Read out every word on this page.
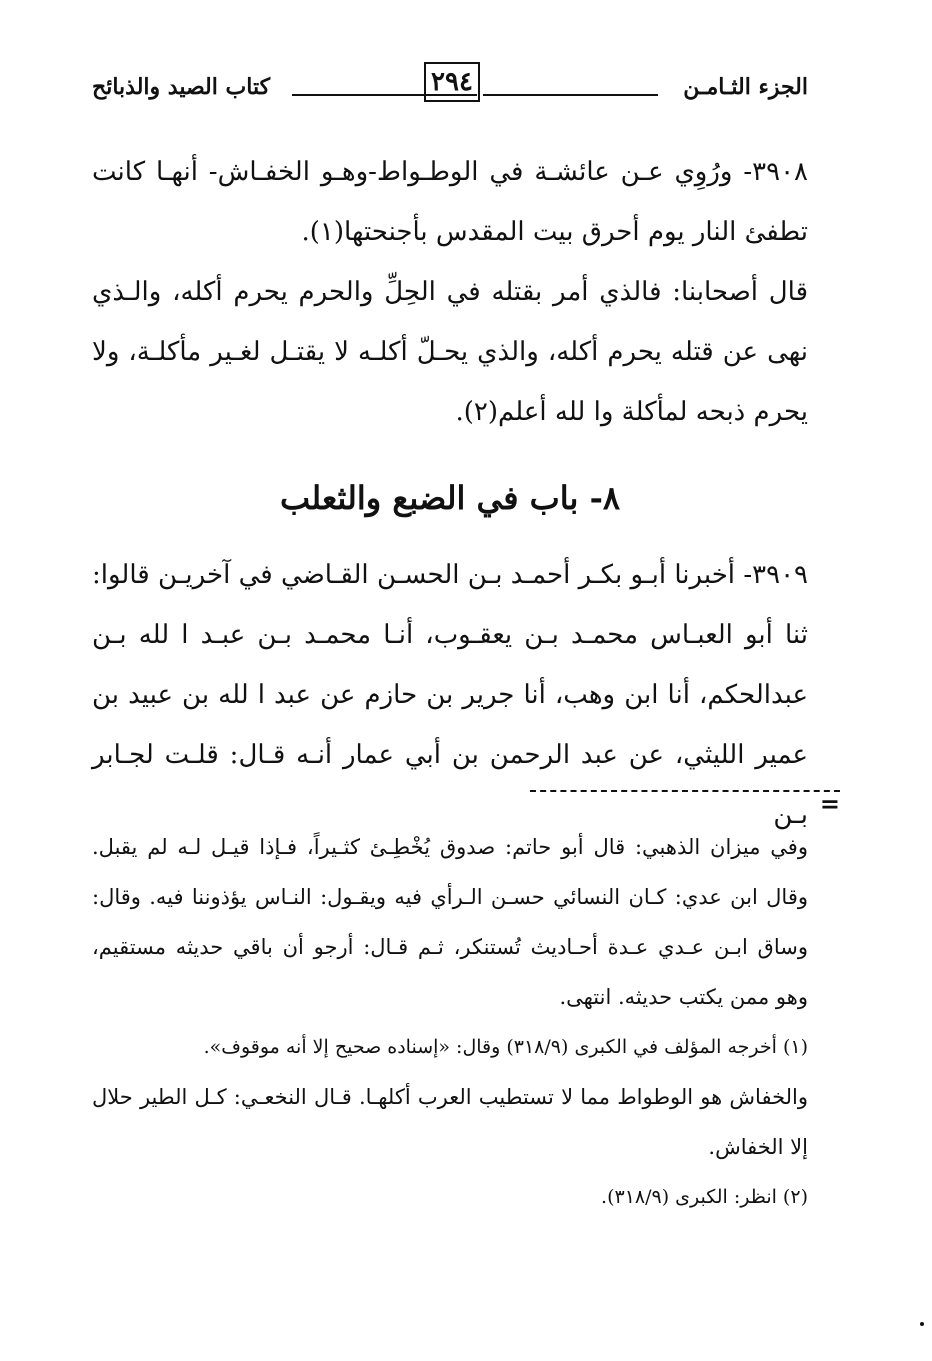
الجزء الثـامـن
٢٩٤
كتاب الصيد والذبائح

٣٩٠٨- ورُوِي عـن عائشـة في الوطـواط-وهـو الخفـاش- أنهـا كانت تطفئ النار يوم أحرق بيت المقدس بأجنحتها(١).

قال أصحابنا: فالذي أمر بقتله في الحِلِّ والحرم يحرم أكله، والـذي نهى عن قتله يحرم أكله، والذي يحـلّ أكلـه لا يقتـل لغـير مأكلـة، ولا يحرم ذبحه لمأكلة وا لله أعلم(٢).

٨- باب في الضبع والثعلب

٣٩٠٩- أخبرنا أبـو بكـر أحمـد بـن الحسـن القـاضي في آخريـن قالوا: ثنا أبو العبـاس محمـد بـن يعقـوب، أنـا محمـد بـن عبـد ا لله بـن عبدالحكم، أنا ابن وهب، أنا جرير بن حازم عن عبد ا لله بن عبيد بن عمير الليثي، عن عبد الرحمن بن أبي عمار أنـه قـال: قلـت لجـابر بـن =

وفي ميزان الذهبي: قال أبو حاتم: صدوق يُخْطِـئ كثـيراً، فـإذا قيـل لـه لم يقبل. وقال ابن عدي: كـان النسائي حسـن الـرأي فيه ويقـول: النـاس يؤذوننا فيه. وقال: وساق ابـن عـدي عـدة أحـاديث تُستنكر، ثـم قـال: أرجو أن باقي حديثه مستقيم، وهو ممن يكتب حديثه. انتهى.

(١) أخرجه المؤلف في الكبرى (٣١٨/٩) وقال: «إسناده صحيح إلا أنه موقوف».

والخفاش هو الوطواط مما لا تستطيب العرب أكلهـا. قـال النخعـي: كـل الطير حلال إلا الخفاش.

(٢) انظر: الكبرى (٣١٨/٩).
